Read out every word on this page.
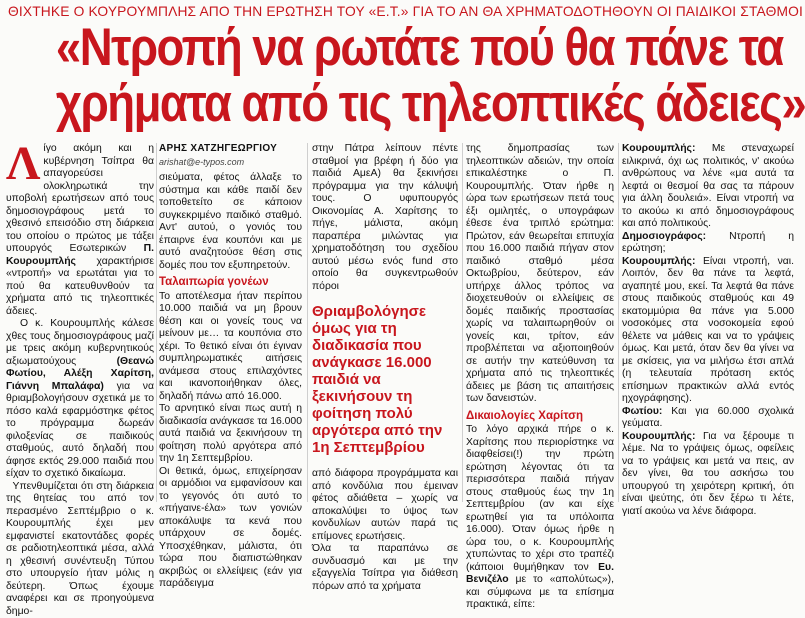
ΘΙΧΤΗΚΕ Ο ΚΟΥΡΟΥΜΠΛΗΣ ΑΠΟ ΤΗΝ ΕΡΩΤΗΣΗ ΤΟΥ «Ε.Τ.» ΓΙΑ ΤΟ ΑΝ ΘΑ ΧΡΗΜΑΤΟΔΟΤΗΘΟΥΝ ΟΙ ΠΑΙΔΙΚΟΙ ΣΤΑΘΜΟΙ
«Ντροπή να ρωτάτε πού θα πάνε τα
χρήματα από τις τηλεοπτικές άδειες»

Λίγο ακόμη και η κυβέρνηση Τσίπρα θα απαγορεύσει ολοκληρωτικά την υποβολή ερωτήσεων από τους δημοσιογράφους μετά το χθεσινό επεισόδιο στη διάρκεια του οποίου ο πρώτος με τάξει υπουργός Εσωτερικών Π. Κουρουμπλής χαρακτήρισε «ντροπή» να ερωτάται για το πού θα κατευθυνθούν τα χρήματα από τις τηλεοπτικές άδειες.

Ο κ. Κουρουμπλής κάλεσε χθες τους δημοσιογράφους μαζί με τρεις ακόμη κυβερνητικούς αξιωματούχους	(Θεανώ Φωτίου, Αλέξη Χαρίτση, Γιάννη Μπαλάφα) για να θριαμβολογήσουν σχετικά με το πόσο καλά εφαρμόστηκε φέτος το πρόγραμμα δωρεάν φιλοξενίας σε παιδικούς σταθμούς, αυτό δηλαδή που άφησε εκτός 29.000 παιδιά που είχαν το σχετικό δικαίωμα.

Υπενθυμίζεται ότι στη διάρκεια της θητείας του από τον περασμένο Σεπτέμβριο ο κ. Κουρουμπλής έχει μεν εμφανιστεί εκατοντάδες φορές σε ραδιοτηλεοπτικά μέσα, αλλά η χθεσινή συνέντευξη Τύπου στο υπουργείο ήταν μόλις η δεύτερη. Όπως έχουμε αναφέρει και σε προηγούμενα δημο-

ΑΡΗΣ ΧΑΤΖΗΓΕΩΡΓΙΟΥ
arishat@e-typos.com

σιεύματα, φέτος άλλαξε το σύστημα και κάθε παιδί δεν τοποθετείτο σε κάποιον συγκεκριμένο παιδικό σταθμό. Αντ' αυτού, ο γονιός του έπαιρνε ένα κουπόνι και με αυτό αναζητούσε θέση στις δομές που τον εξυπηρετούν.

Ταλαιπωρία γονέων

Το αποτέλεσμα ήταν περίπου 10.000 παιδιά να μη βρουν θέση και οι γονείς τους να μείνουν με… τα κουπόνια στο χέρι. Το θετικό είναι ότι έγιναν συμπληρωματικές αιτήσεις ανάμεσα στους επιλαχόντες και ικανοποιήθηκαν όλες, δηλαδή πάνω από 16.000.

Το αρνητικό είναι πως αυτή η διαδικασία ανάγκασε τα 16.000 αυτά παιδιά να ξεκινήσουν τη φοίτηση πολύ αργότερα από την 1η Σεπτεμβρίου.

Οι θετικά, όμως, επιχείρησαν οι αρμόδιοι να εμφανίσουν και το γεγονός ότι αυτό το «πήγαινε-έλα» των γονιών αποκάλυψε τα κενά που υπάρχουν σε δομές. Υποσχέθηκαν, μάλιστα, ότι τώρα που διαπιστώθηκαν ακριβώς οι ελλείψεις (εάν για παράδειγμα

στην Πάτρα λείπουν πέντε σταθμοί για βρέφη ή δύο για παιδιά ΑμεΑ) θα ξεκινήσει πρόγραμμα για την κάλυψή τους. Ο υφυπουργός Οικονομίας Α. Χαρίτσης το πήγε, μάλιστα, ακόμη παραπέρα μιλώντας για χρηματοδότηση του σχεδίου αυτού μέσω ενός fund στο οποίο θα συγκεντρωθούν πόροι

Θριαμβολόγησε όμως για τη διαδικασία που ανάγκασε 16.000 παιδιά να ξεκινήσουν τη φοίτηση πολύ αργότερα από την 1η Σεπτεμβρίου

από διάφορα προγράμματα και από κονδύλια που έμειναν φέτος αδιάθετα – χωρίς να αποκαλύψει το ύψος των κονδυλίων αυτών παρά τις επίμονες ερωτήσεις.

Όλα τα παραπάνω σε συνδυασμό και με την εξαγγελία Τσίπρα για διάθεση πόρων από τα χρήματα

της δημοπρασίας των τηλεοπτικών αδειών, την οποία επικαλέστηκε ο Π. Κουρουμπλής. Όταν ήρθε η ώρα των ερωτήσεων πετά τους έξι ομιλητές, ο υπογράφων έθεσε ένα τριπλό ερώτημα: Πρώτον, εάν θεωρείται επιτυχία που 16.000 παιδιά πήγαν στον παιδικό σταθμό μέσα Οκτωβρίου, δεύτερον, εάν υπήρχε άλλος τρόπος να διοχετευθούν οι ελλείψεις σε δομές παιδικής προστασίας χωρίς να ταλαιπωρηθούν οι γονείς και, τρίτον, εάν προβλέπεται να αξιοποιηθούν σε αυτήν την κατεύθυνση τα χρήματα από τις τηλεοπτικές άδειες με βάση τις απαιτήσεις των δανειστών.

Δικαιολογίες Χαρίτση

Το λόγο αρχικά πήρε ο κ. Χαρίτσης που περιορίστηκε να διαφθείσει(!) την πρώτη ερώτηση λέγοντας ότι τα περισσότερα παιδιά πήγαν στους σταθμούς έως την 1η Σεπτεμβρίου (αν και είχε ερωτηθεί για τα υπόλοιπα 16.000). Όταν όμως ήρθε η ώρα του, ο κ. Κουρουμπλής χτυπώντας το χέρι στο τραπέζι (κάποιοι θυμήθηκαν τον Ευ. Βενιζέλο με το «απολύτως»), και σύμφωνα με τα επίσημα πρακτικά, είπε:

Κουρουμπλής: Με στεναχωρεί ειλικρινά, όχι ως πολιτικός, ν' ακούω ανθρώπους να λένε «μα αυτά τα λεφτά οι θεσμοί θα σας τα πάρουν για άλλη δουλειά». Είναι ντροπή να το ακούω κι από δημοσιογράφους και από πολιτικούς.

Δημοσιογράφος: Ντροπή η ερώτηση;

Κουρουμπλής: Είναι ντροπή, ναι. Λοιπόν, δεν θα πάνε τα λεφτά, αγαπητέ μου, εκεί. Τα λεφτά θα πάνε στους παιδικούς σταθμούς και 49 εκατομμύρια θα πάνε για 5.000 νοσοκόμες στα νοσοκομεία εφού θέλετε να μάθεις και να το γράψεις όμως. Και μετά, όταν δεν θα γίνει να με σκίσεις, για να μιλήσω έτσι απλά (η τελευταία πρόταση εκτός επίσημων πρακτικών αλλά εντός ηχογράφησης).

Φωτίου: Και για 60.000 σχολικά γεύματα.

Κουρουμπλής: Για να ξέρουμε τι λέμε. Να το γράψεις όμως, οφείλεις να το γράψεις και μετά να πεις, αν δεν γίνει, θα του ασκήσω του υπουργού τη χειρότερη κριτική, ότι είναι ψεύτης, ότι δεν ξέρω τι λέτε, γιατί ακούω να λένε διάφορα.
